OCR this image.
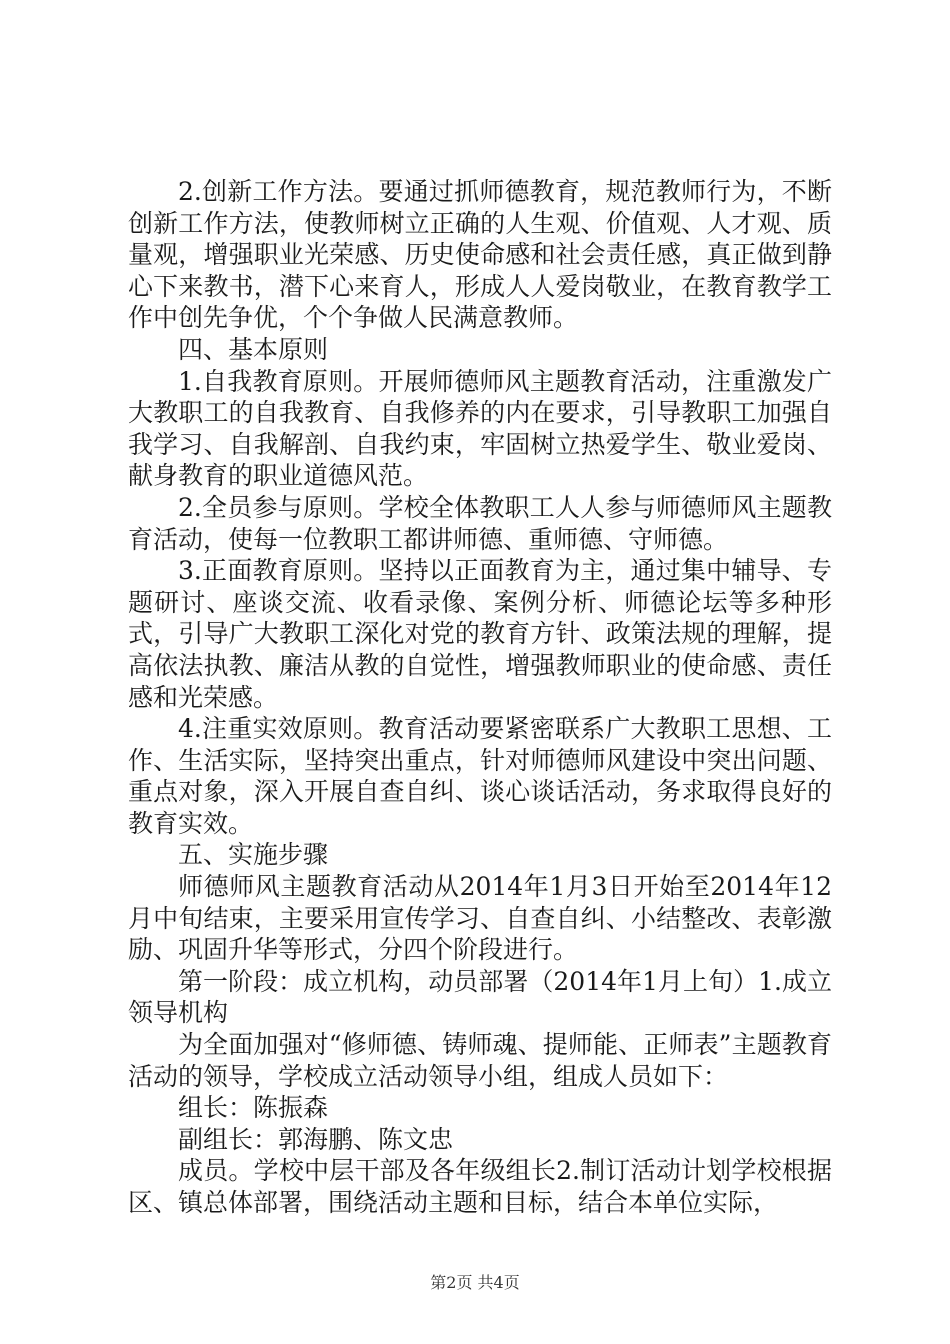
2.创新工作方法。要通过抓师德教育，规范教师行为，不断创新工作方法，使教师树立正确的人生观、价值观、人才观、质量观，增强职业光荣感、历史使命感和社会责任感，真正做到静心下来教书，潜下心来育人，形成人人爱岗敬业，在教育教学工作中创先争优，个个争做人民满意教师。

四、基本原则

1.自我教育原则。开展师德师风主题教育活动，注重激发广大教职工的自我教育、自我修养的内在要求，引导教职工加强自我学习、自我解剖、自我约束，牢固树立热爱学生、敬业爱岗、献身教育的职业道德风范。

2.全员参与原则。学校全体教职工人人参与师德师风主题教育活动，使每一位教职工都讲师德、重师德、守师德。

3.正面教育原则。坚持以正面教育为主，通过集中辅导、专题研讨、座谈交流、收看录像、案例分析、师德论坛等多种形式，引导广大教职工深化对党的教育方针、政策法规的理解，提高依法执教、廉洁从教的自觉性，增强教师职业的使命感、责任感和光荣感。

4.注重实效原则。教育活动要紧密联系广大教职工思想、工作、生活实际，坚持突出重点，针对师德师风建设中突出问题、重点对象，深入开展自查自纠、谈心谈话活动，务求取得良好的教育实效。

五、实施步骤

师德师风主题教育活动从2014年1月3日开始至2014年12月中旬结束，主要采用宣传学习、自查自纠、小结整改、表彰激励、巩固升华等形式，分四个阶段进行。

第一阶段：成立机构，动员部署（2014年1月上旬）1.成立领导机构

为全面加强对“修师德、铸师魂、提师能、正师表”主题教育活动的领导，学校成立活动领导小组，组成人员如下：

组长：陈振森

副组长：郭海鹏、陈文忠

成员。学校中层干部及各年级组长2.制订活动计划学校根据区、镇总体部署，围绕活动主题和目标，结合本单位实际，

第2页 共4页
